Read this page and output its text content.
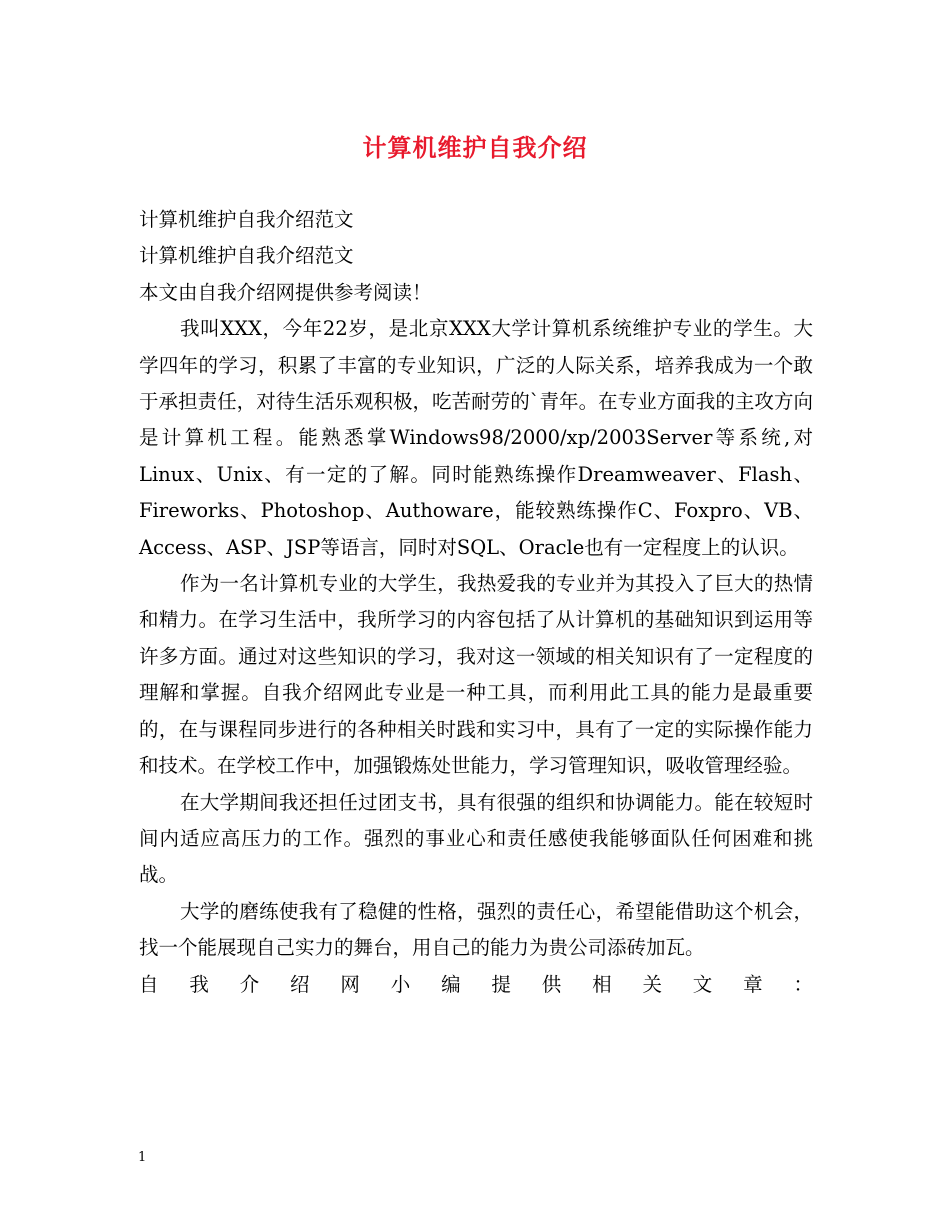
计算机维护自我介绍

计算机维护自我介绍范文

计算机维护自我介绍范文

本文由自我介绍网提供参考阅读！

我叫XXX，今年22岁，是北京XXX大学计算机系统维护专业的学生。大学四年的学习，积累了丰富的专业知识，广泛的人际关系，培养我成为一个敢于承担责任，对待生活乐观积极，吃苦耐劳的`青年。在专业方面我的主攻方向是计算机工程。能熟悉掌Windows98/2000/xp/2003Server等系统,对Linux、Unix、有一定的了解。同时能熟练操作Dreamweaver、Flash、Fireworks、Photoshop、Authoware，能较熟练操作C、Foxpro、VB、Access、ASP、JSP等语言，同时对SQL、Oracle也有一定程度上的认识。

作为一名计算机专业的大学生，我热爱我的专业并为其投入了巨大的热情和精力。在学习生活中，我所学习的内容包括了从计算机的基础知识到运用等许多方面。通过对这些知识的学习，我对这一领域的相关知识有了一定程度的理解和掌握。自我介绍网此专业是一种工具，而利用此工具的能力是最重要的，在与课程同步进行的各种相关时践和实习中，具有了一定的实际操作能力和技术。在学校工作中，加强锻炼处世能力，学习管理知识，吸收管理经验。

在大学期间我还担任过团支书，具有很强的组织和协调能力。能在较短时间内适应高压力的工作。强烈的事业心和责任感使我能够面队任何困难和挑战。

大学的磨练使我有了稳健的性格，强烈的责任心，希望能借助这个机会，找一个能展现自己实力的舞台，用自己的能力为贵公司添砖加瓦。

自我介绍网小编提供相关文章：

1
